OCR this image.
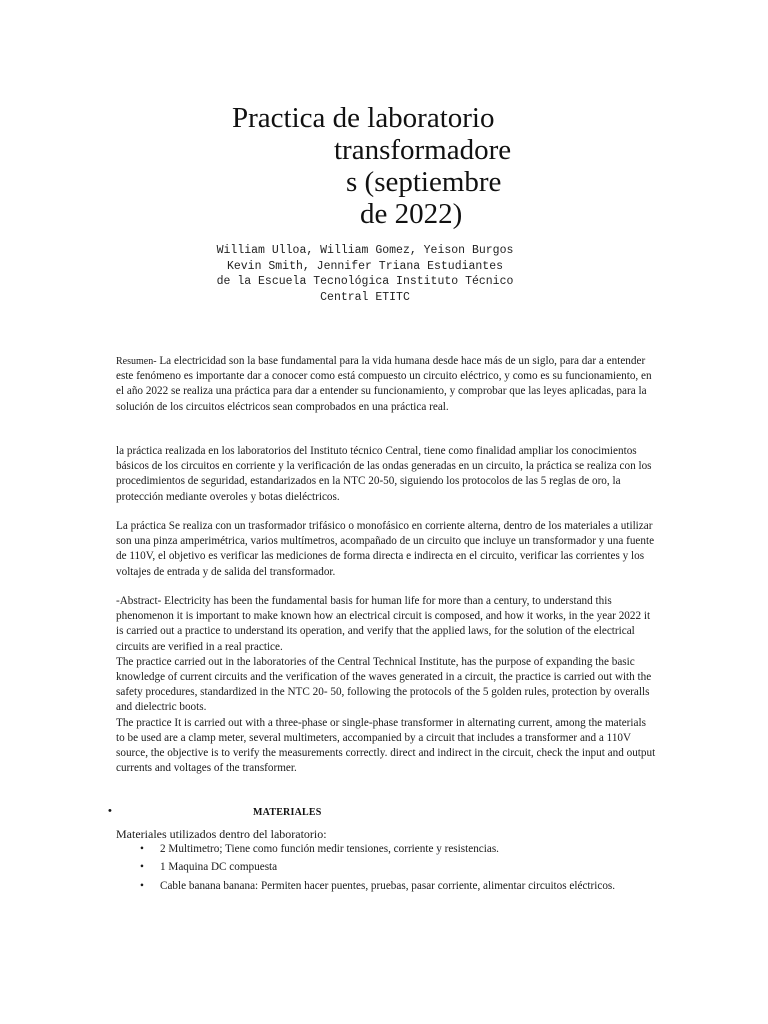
Practica de laboratorio
transformadore
s (septiembre
de 2022)
William Ulloa, William Gomez, Yeison Burgos
Kevin Smith, Jennifer Triana Estudiantes
de la Escuela Tecnológica Instituto Técnico
Central ETITC
Resumen- La electricidad son la base fundamental para la vida humana desde hace más de un siglo, para dar a entender este fenómeno es importante dar a conocer como está compuesto un circuito eléctrico, y como es su funcionamiento, en el año 2022 se realiza una práctica para dar a entender su funcionamiento, y comprobar que las leyes aplicadas, para la solución de los circuitos eléctricos sean comprobados en una práctica real.
la práctica realizada en los laboratorios del Instituto técnico Central, tiene como finalidad ampliar los conocimientos básicos de los circuitos en corriente y la verificación de las ondas generadas en un circuito, la práctica se realiza con los procedimientos de seguridad, estandarizados en la NTC 20-50, siguiendo los protocolos de las 5 reglas de oro, la protección mediante overoles y botas dieléctricos.
La práctica Se realiza con un trasformador trifásico o monofásico en corriente alterna, dentro de los materiales a utilizar son una pinza amperimétrica, varios multímetros, acompañado de un circuito que incluye un transformador y una fuente de 110V, el objetivo es verificar las mediciones de forma directa e indirecta en el circuito, verificar las corrientes y los voltajes de entrada y de salida del transformador.
-Abstract- Electricity has been the fundamental basis for human life for more than a century, to understand this phenomenon it is important to make known how an electrical circuit is composed, and how it works, in the year 2022 it is carried out a practice to understand its operation, and verify that the applied laws, for the solution of the electrical circuits are verified in a real practice.
The practice carried out in the laboratories of the Central Technical Institute, has the purpose of expanding the basic knowledge of current circuits and the verification of the waves generated in a circuit, the practice is carried out with the safety procedures, standardized in the NTC 20- 50, following the protocols of the 5 golden rules, protection by overalls and dielectric boots.
The practice It is carried out with a three-phase or single-phase transformer in alternating current, among the materials to be used are a clamp meter, several multimeters, accompanied by a circuit that includes a transformer and a 110V source, the objective is to verify the measurements correctly. direct and indirect in the circuit, check the input and output currents and voltages of the transformer.
•	MATERIALES
Materiales utilizados dentro del laboratorio:
• 2 Multimetro; Tiene como función medir tensiones, corriente y resistencias.
• 1 Maquina DC compuesta
• Cable banana banana: Permiten hacer puentes, pruebas, pasar corriente, alimentar circuitos eléctricos.
